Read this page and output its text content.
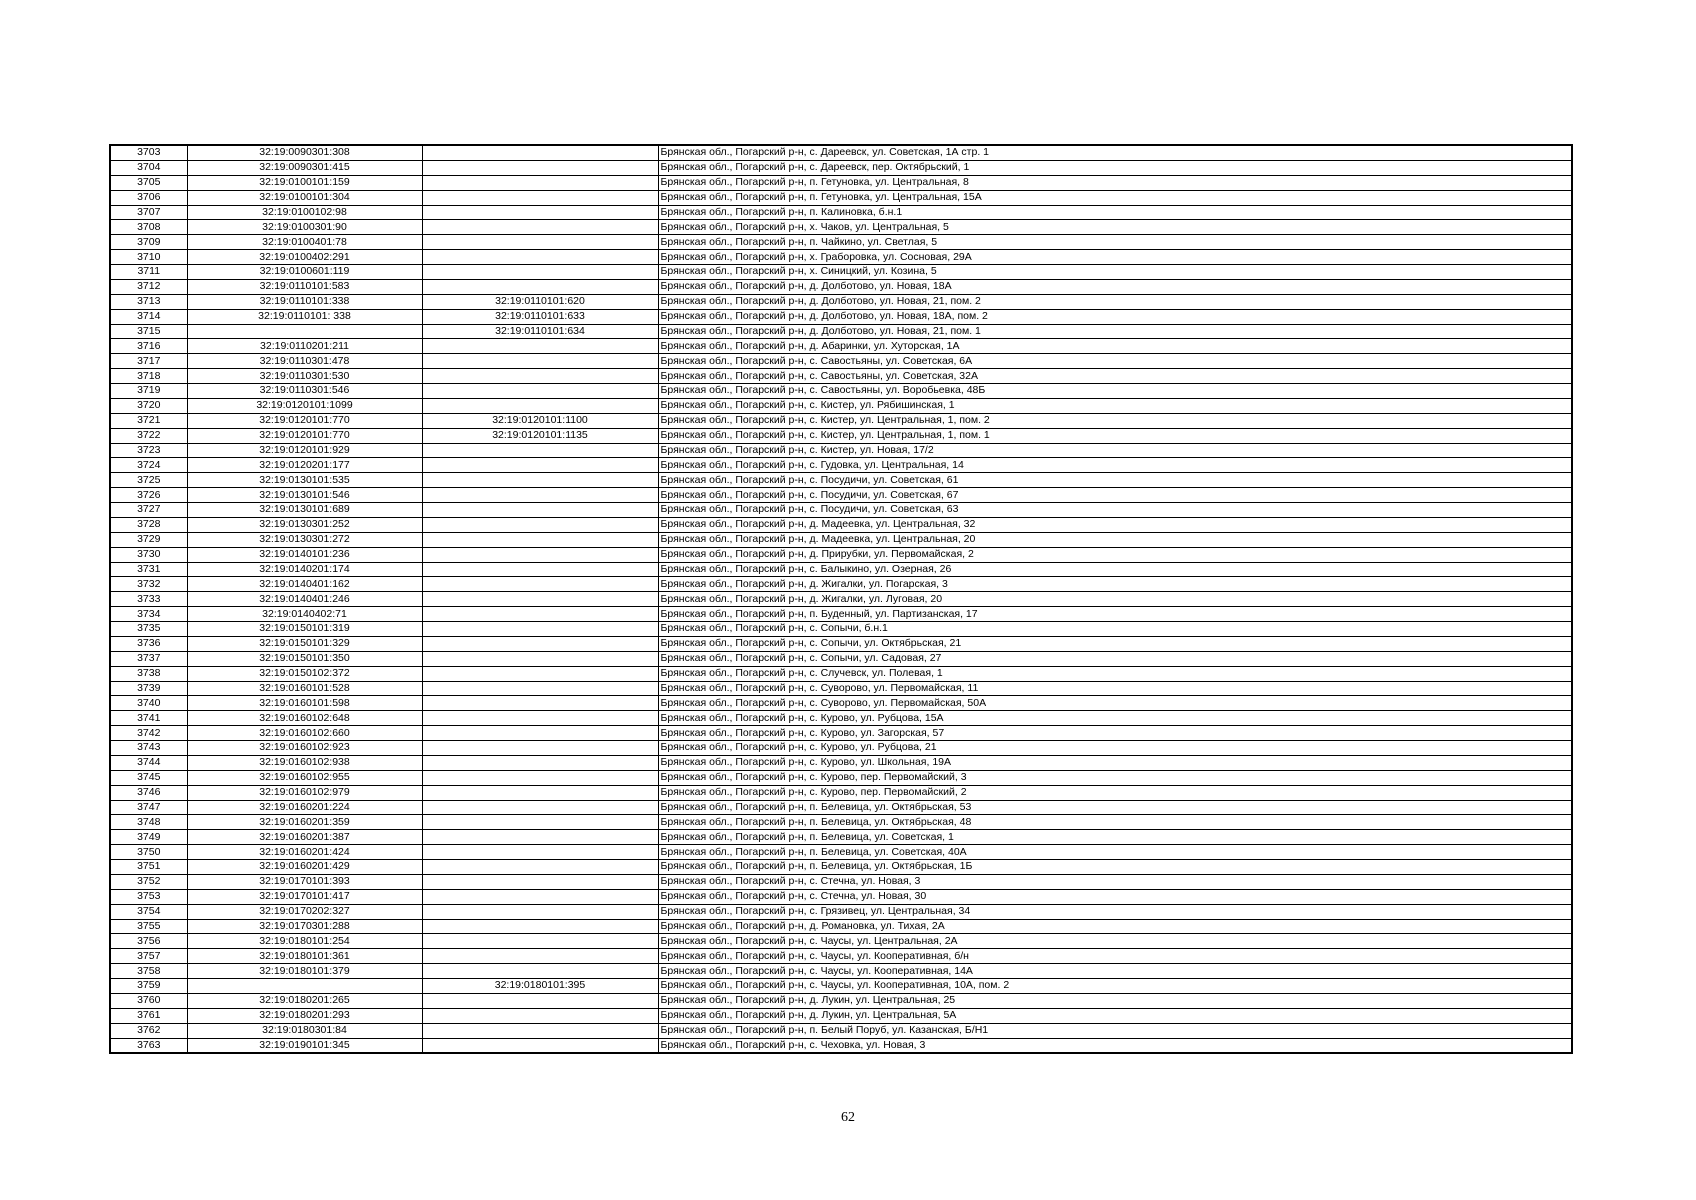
3703	32:19:0090301:308		Брянская обл., Погарский р-н, с. Дареевск, ул. Советская, 1А стр. 1
3704	32:19:0090301:415		Брянская обл., Погарский р-н, с. Дареевск, пер. Октябрьский, 1
3705	32:19:0100101:159		Брянская обл., Погарский р-н, п. Гетуновка, ул. Центральная, 8
3706	32:19:0100101:304		Брянская обл., Погарский р-н, п. Гетуновка, ул. Центральная, 15А
3707	32:19:0100102:98		Брянская обл., Погарский р-н, п. Калиновка, б.н.1
3708	32:19:0100301:90		Брянская обл., Погарский р-н, х. Чаков, ул. Центральная, 5
3709	32:19:0100401:78		Брянская обл., Погарский р-н, п. Чайкино, ул. Светлая, 5
3710	32:19:0100402:291		Брянская обл., Погарский р-н, х. Граборовка, ул. Сосновая, 29А
3711	32:19:0100601:119		Брянская обл., Погарский р-н, х. Синицкий, ул. Козина, 5
3712	32:19:0110101:583		Брянская обл., Погарский р-н, д. Долботово, ул. Новая, 18А
3713	32:19:0110101:338	32:19:0110101:620	Брянская обл., Погарский р-н, д. Долботово, ул. Новая, 21, пом. 2
3714	32:19:0110101: 338	32:19:0110101:633	Брянская обл., Погарский р-н, д. Долботово, ул. Новая, 18А, пом. 2
3715		32:19:0110101:634	Брянская обл., Погарский р-н, д. Долботово, ул. Новая, 21, пом. 1
3716	32:19:0110201:211		Брянская обл., Погарский р-н, д. Абаринки, ул. Хуторская, 1А
3717	32:19:0110301:478		Брянская обл., Погарский р-н, с. Савостьяны, ул. Советская, 6А
3718	32:19:0110301:530		Брянская обл., Погарский р-н, с. Савостьяны, ул. Советская, 32А
3719	32:19:0110301:546		Брянская обл., Погарский р-н, с. Савостьяны, ул. Воробьевка, 48Б
3720	32:19:0120101:1099		Брянская обл., Погарский р-н, с. Кистер, ул. Рябишинская, 1
3721	32:19:0120101:770	32:19:0120101:1100	Брянская обл., Погарский р-н, с. Кистер, ул. Центральная, 1, пом. 2
3722	32:19:0120101:770	32:19:0120101:1135	Брянская обл., Погарский р-н, с. Кистер, ул. Центральная, 1, пом. 1
3723	32:19:0120101:929		Брянская обл., Погарский р-н, с. Кистер, ул. Новая, 17/2
3724	32:19:0120201:177		Брянская обл., Погарский р-н, с. Гудовка, ул. Центральная, 14
3725	32:19:0130101:535		Брянская обл., Погарский р-н, с. Посудичи, ул. Советская, 61
3726	32:19:0130101:546		Брянская обл., Погарский р-н, с. Посудичи, ул. Советская, 67
3727	32:19:0130101:689		Брянская обл., Погарский р-н, с. Посудичи, ул. Советская, 63
3728	32:19:0130301:252		Брянская обл., Погарский р-н, д. Мадеевка, ул. Центральная, 32
3729	32:19:0130301:272		Брянская обл., Погарский р-н, д. Мадеевка, ул. Центральная, 20
3730	32:19:0140101:236		Брянская обл., Погарский р-н, д. Прирубки, ул. Первомайская, 2
3731	32:19:0140201:174		Брянская обл., Погарский р-н, с. Балыкино, ул. Озерная, 26
3732	32:19:0140401:162		Брянская обл., Погарский р-н, д. Жигалки, ул. Погарская, 3
3733	32:19:0140401:246		Брянская обл., Погарский р-н, д. Жигалки, ул. Луговая, 20
3734	32:19:0140402:71		Брянская обл., Погарский р-н, п. Буденный, ул. Партизанская, 17
3735	32:19:0150101:319		Брянская обл., Погарский р-н, с. Сопычи, б.н.1
3736	32:19:0150101:329		Брянская обл., Погарский р-н, с. Сопычи, ул. Октябрьская, 21
3737	32:19:0150101:350		Брянская обл., Погарский р-н, с. Сопычи, ул. Садовая, 27
3738	32:19:0150102:372		Брянская обл., Погарский р-н, с. Случевск, ул. Полевая, 1
3739	32:19:0160101:528		Брянская обл., Погарский р-н, с. Суворово, ул. Первомайская, 11
3740	32:19:0160101:598		Брянская обл., Погарский р-н, с. Суворово, ул. Первомайская, 50А
3741	32:19:0160102:648		Брянская обл., Погарский р-н, с. Курово, ул. Рубцова, 15А
3742	32:19:0160102:660		Брянская обл., Погарский р-н, с. Курово, ул. Загорская, 57
3743	32:19:0160102:923		Брянская обл., Погарский р-н, с. Курово, ул. Рубцова, 21
3744	32:19:0160102:938		Брянская обл., Погарский р-н, с. Курово, ул. Школьная, 19А
3745	32:19:0160102:955		Брянская обл., Погарский р-н, с. Курово, пер. Первомайский, 3
3746	32:19:0160102:979		Брянская обл., Погарский р-н, с. Курово, пер. Первомайский, 2
3747	32:19:0160201:224		Брянская обл., Погарский р-н, п. Белевица, ул. Октябрьская, 53
3748	32:19:0160201:359		Брянская обл., Погарский р-н, п. Белевица, ул. Октябрьская, 48
3749	32:19:0160201:387		Брянская обл., Погарский р-н, п. Белевица, ул. Советская, 1
3750	32:19:0160201:424		Брянская обл., Погарский р-н, п. Белевица, ул. Советская, 40А
3751	32:19:0160201:429		Брянская обл., Погарский р-н, п. Белевица, ул. Октябрьская, 1Б
3752	32:19:0170101:393		Брянская обл., Погарский р-н, с. Стечна, ул. Новая, 3
3753	32:19:0170101:417		Брянская обл., Погарский р-н, с. Стечна, ул. Новая, 30
3754	32:19:0170202:327		Брянская обл., Погарский р-н, с. Грязивец, ул. Центральная, 34
3755	32:19:0170301:288		Брянская обл., Погарский р-н, д. Романовка, ул. Тихая, 2А
3756	32:19:0180101:254		Брянская обл., Погарский р-н, с. Чаусы, ул. Центральная, 2А
3757	32:19:0180101:361		Брянская обл., Погарский р-н, с. Чаусы, ул. Кооперативная, б/н
3758	32:19:0180101:379		Брянская обл., Погарский р-н, с. Чаусы, ул. Кооперативная, 14А
3759		32:19:0180101:395	Брянская обл., Погарский р-н, с. Чаусы, ул. Кооперативная, 10А, пом. 2
3760	32:19:0180201:265		Брянская обл., Погарский р-н, д. Лукин, ул. Центральная, 25
3761	32:19:0180201:293		Брянская обл., Погарский р-н, д. Лукин, ул. Центральная, 5А
3762	32:19:0180301:84		Брянская обл., Погарский р-н, п. Белый Поруб, ул. Казанская, Б/Н1
3763	32:19:0190101:345		Брянская обл., Погарский р-н, с. Чеховка, ул. Новая, 3
62
